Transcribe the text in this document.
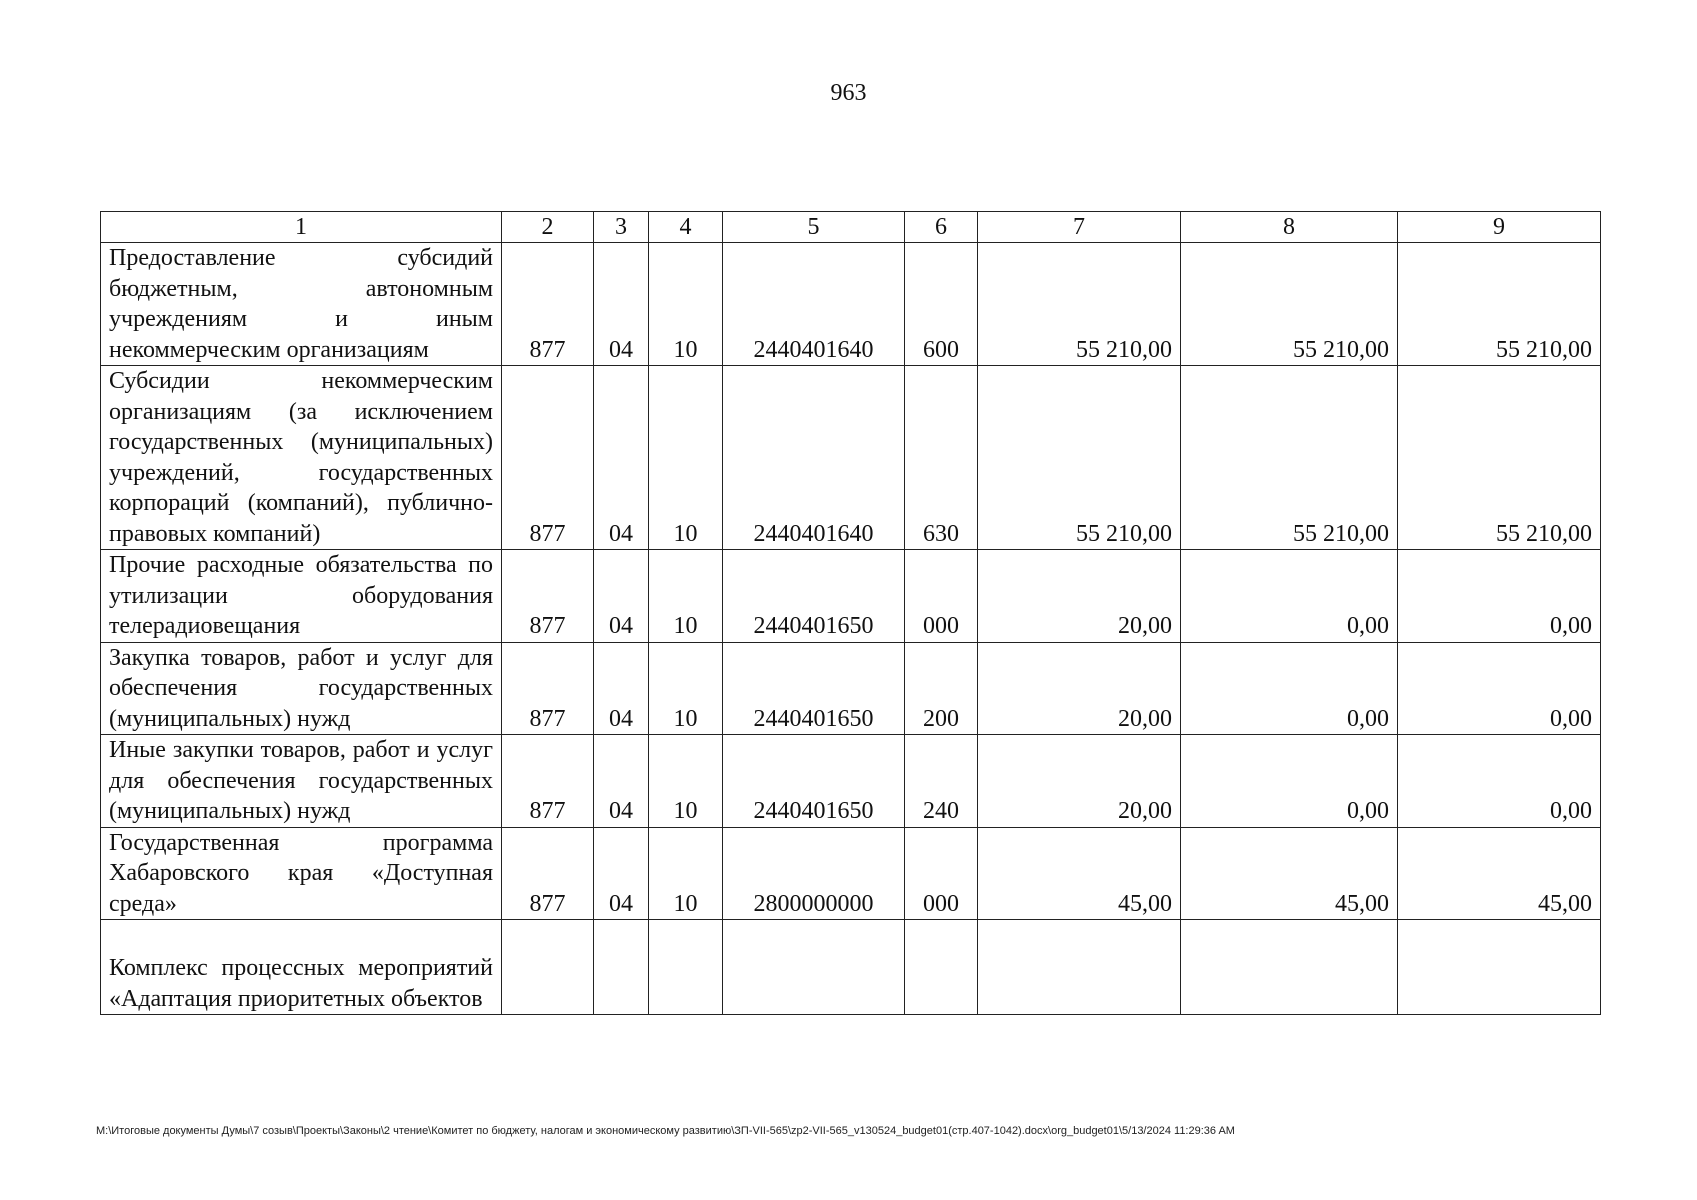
963
1	2	3	4	5	6	7	8	9
Предоставление субсидий бюджетным, автономным учреждениям и иным некоммерческим организациям	877	04	10	2440401640	600	55 210,00	55 210,00	55 210,00
Субсидии некоммерческим организациям (за исключением государственных (муниципальных) учреждений, государственных корпораций (компаний), публично-правовых компаний)	877	04	10	2440401640	630	55 210,00	55 210,00	55 210,00
Прочие расходные обязательства по утилизации оборудования телерадиовещания	877	04	10	2440401650	000	20,00	0,00	0,00
Закупка товаров, работ и услуг для обеспечения государственных (муниципальных) нужд	877	04	10	2440401650	200	20,00	0,00	0,00
Иные закупки товаров, работ и услуг для обеспечения государственных (муниципальных) нужд	877	04	10	2440401650	240	20,00	0,00	0,00
Государственная программа Хабаровского края «Доступная среда»	877	04	10	2800000000	000	45,00	45,00	45,00
Комплекс процессных мероприятий «Адаптация приоритетных объектов								
M:\Итоговые документы Думы\7 созыв\Проекты\Законы\2 чтение\Комитет по бюджету, налогам и экономическому развитию\ЗП-VII-565\zp2-VII-565_v130524_budget01(стр.407-1042).docx\org_budget01\5/13/2024 11:29:36 AM
